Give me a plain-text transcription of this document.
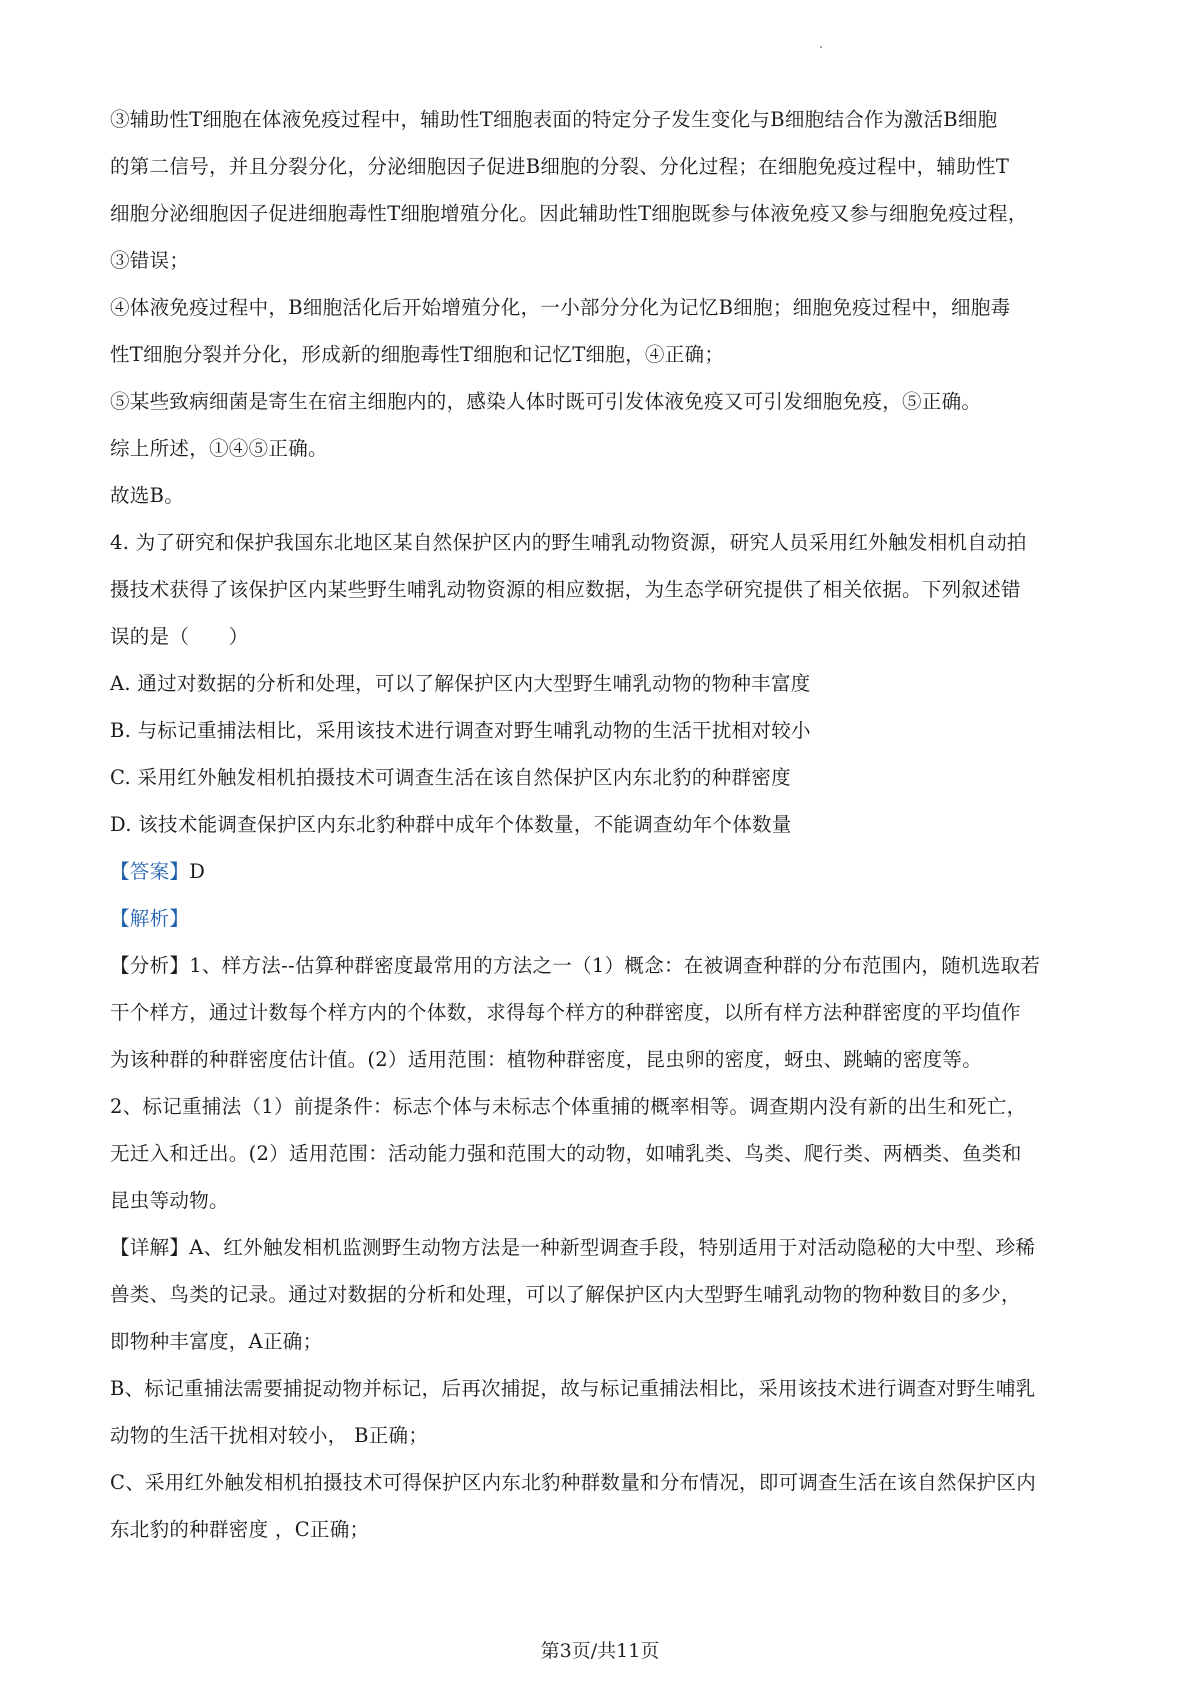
③辅助性T细胞在体液免疫过程中，辅助性T细胞表面的特定分子发生变化与B细胞结合作为激活B细胞

的第二信号，并且分裂分化，分泌细胞因子促进B细胞的分裂、分化过程；在细胞免疫过程中，辅助性T

细胞分泌细胞因子促进细胞毒性T细胞增殖分化。因此辅助性T细胞既参与体液免疫又参与细胞免疫过程，

③错误；

④体液免疫过程中，B细胞活化后开始增殖分化，一小部分分化为记忆B细胞；细胞免疫过程中，细胞毒

性T细胞分裂并分化，形成新的细胞毒性T细胞和记忆T细胞，④正确；

⑤某些致病细菌是寄生在宿主细胞内的，感染人体时既可引发体液免疫又可引发细胞免疫，⑤正确。

综上所述，①④⑤正确。

故选B。

4. 为了研究和保护我国东北地区某自然保护区内的野生哺乳动物资源，研究人员采用红外触发相机自动拍

摄技术获得了该保护区内某些野生哺乳动物资源的相应数据，为生态学研究提供了相关依据。下列叙述错

误的是（　　）

A. 通过对数据的分析和处理，可以了解保护区内大型野生哺乳动物的物种丰富度

B. 与标记重捕法相比，采用该技术进行调查对野生哺乳动物的生活干扰相对较小

C. 采用红外触发相机拍摄技术可调查生活在该自然保护区内东北豹的种群密度

D. 该技术能调查保护区内东北豹种群中成年个体数量，不能调查幼年个体数量

【答案】D

【解析】

【分析】1、样方法--估算种群密度最常用的方法之一（1）概念：在被调查种群的分布范围内，随机选取若

干个样方，通过计数每个样方内的个体数，求得每个样方的种群密度，以所有样方法种群密度的平均值作

为该种群的种群密度估计值。(2）适用范围：植物种群密度，昆虫卵的密度，蚜虫、跳蝻的密度等。

2、标记重捕法（1）前提条件：标志个体与未标志个体重捕的概率相等。调查期内没有新的出生和死亡，

无迁入和迁出。(2）适用范围：活动能力强和范围大的动物，如哺乳类、鸟类、爬行类、两栖类、鱼类和

昆虫等动物。

【详解】A、红外触发相机监测野生动物方法是一种新型调查手段，特别适用于对活动隐秘的大中型、珍稀

兽类、鸟类的记录。通过对数据的分析和处理，可以了解保护区内大型野生哺乳动物的物种数目的多少，

即物种丰富度，A正确；

B、标记重捕法需要捕捉动物并标记，后再次捕捉，故与标记重捕法相比，采用该技术进行调查对野生哺乳

动物的生活干扰相对较小， B正确；

C、采用红外触发相机拍摄技术可得保护区内东北豹种群数量和分布情况，即可调查生活在该自然保护区内

东北豹的种群密度 ，C正确；

第3页/共11页
